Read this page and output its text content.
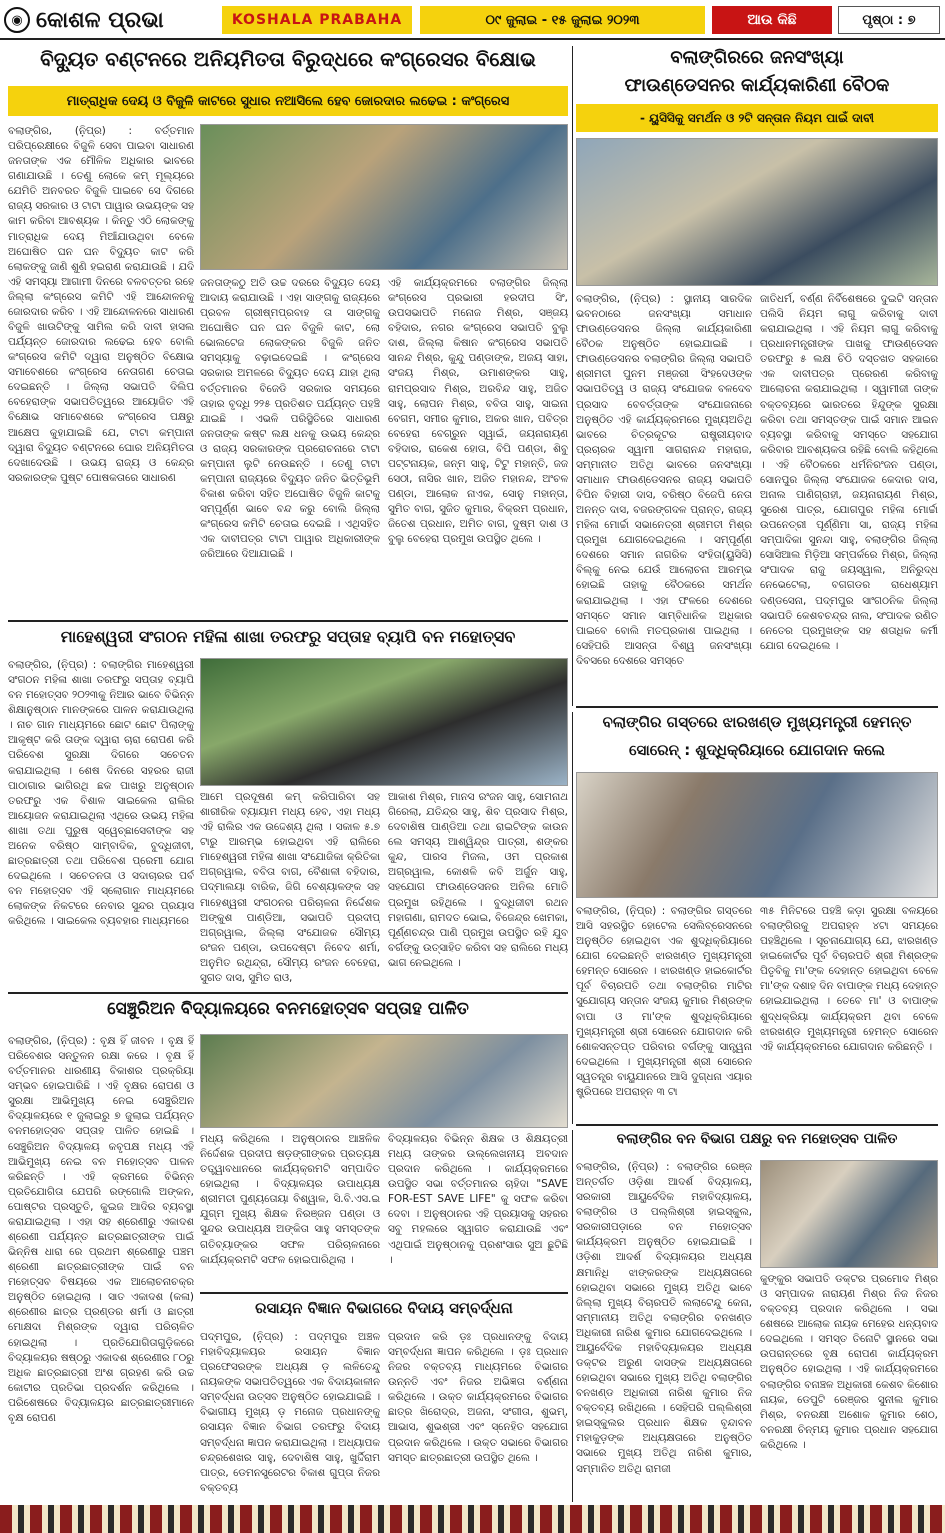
◉ କୋଶଳ ପ୍ରଭା	KOSHALA PRABAHA	୦୯ ଜୁଲାଇ - ୧୫ ଜୁଲାଇ ୨୦୨୩	ଆଉ କିଛି	ପୃଷ୍ଠା : ୭
ବିଦ୍ୟୁତ ବଣ୍ଟନରେ ଅନିୟମିତତା ବିରୁଦ୍ଧରେ କଂଗ୍ରେସର ବିକ୍ଷୋଭ
ମାତ୍ରାଧିକ ଦେୟ ଓ ବିଜୁଳି କାଟରେ ସୁଧାର ନଆସିଲେ ହେବ ଜୋରଦାର ଲଢେଇ : କଂଗ୍ରେସ
ବଲାଙ୍ଗିର, (ନି଼ପ୍ର) : ବର୍ତ୍ତମାନ ପରିପ୍ରେକ୍ଷୀରେ ବିଜୁଳି ସେବା ପାଇବା ସାଧାରଣ ଜନତାଙ୍କ ଏକ ମୌଳିକ ଅଧିକାର ଭାବରେ ଗଣାଯାଉଛି । ତେଣୁ ଲୋକେ କମ୍ ମୂଲ୍ୟରେ ଯେମିତି ଅନବରତ ବିଜୁଳି ପାଇବେ ସେ ଦିଗରେ ରାଜ୍ୟ ସରକାର ଓ ଟାଟା ପାୱାର ଉଭୟଙ୍କ ସହ କାମ କରିବା ଆବଶ୍ୟକ । କିନ୍ତୁ ଏଠି ଲୋକଙ୍କୁ ମାତ୍ରାଧିକ ଦେୟ ମିଆଁଯାଉଥିବା ବେଳେ ଅଘୋଷିତ ଘନ ଘନ ବିଦ୍ୟୁତ କାଟ କରି ଲୋକଙ୍କୁ ଜାଣି ଶୁଣି ହଇରାଣ କରାଯାଉଛି । ଯଦି ଏହି ସମସ୍ୟା ଆଗାମୀ ଦିନରେ ବଳବତ୍ତର ରହେ ଜିଲ୍ଲା କଂଗ୍ରେସ କମିଟି ଏହି ଆନ୍ଦୋଳନକୁ ଜୋରଦାର କରିବ । ଏହି ଆନ୍ଦୋଳନରେ ସାଧାରଣ ବିଜୁଳି ଖାଉଟିଙ୍କୁ ସାମିଲ କରି ଦାବୀ ହାସଲ ପର୍ଯ୍ୟନ୍ତ ଜୋରଦାର ଲଢେଇ ହେବ ବୋଲି କଂଗ୍ରେସ କମିଟି ଦ୍ୱାରା ଅନୁଷ୍ଠିତ ବିକ୍ଷୋଭ ସମାବେଶରେ କଂଗ୍ରେସ ନେତାଗଣ ଚେତାଇ ଦେଇଛନ୍ତି । ଜିଲ୍ଲା ସଭାପତି ଦିଲିପ ବେହେରାଙ୍କ ସଭାପତିତ୍ୱରେ ଆୟୋଜିତ ଏହି ବିକ୍ଷୋଭ ସମାବେଶରେ କଂଗ୍ରେସ ପକ୍ଷରୁ ଆକ୍ଷେପ କୁହାଯାଇଛି ଯେ, ଟାଟା କମ୍ପାନୀ ଦ୍ୱାରା ବିଦ୍ୟୁତ ବଣ୍ଟନରେ ଘୋର ଅନିୟମିତତା ଦେଖାଦେଉଛି । ଉଭୟ ରାଜ୍ୟ ଓ କେନ୍ଦ୍ର ସରକାରଙ୍କ ପୁଷ୍ଟ ପୋଷକତାରେ ସାଧାରଣ
ଜନତାଙ୍କଠୁ ଅତି ଉଚ୍ଚ ଦରରେ ବିଦ୍ୟୁତ ଦେୟ ଆଦାୟ କରାଯାଉଛି । ଏହା ସାଙ୍ଗକୁ ରାଜ୍ୟରେ ପ୍ରବଳ ଗ୍ରୀଷ୍ମପ୍ରବାହ ତା ସାଙ୍ଗକୁ ଅଘୋଷିତ ଘନ ଘନ ବିଜୁଳି କାଟ, ଲୋ ଭୋଲଟେଜ ଲୋକଙ୍କର ବିଜୁଳି ଜନିତ ସମସ୍ୟାକୁ ବଢ଼ାଇଦେଇଛି । କଂଗ୍ରେସ ସରକାର ଅମଳରେ ବିଦ୍ୟୁତ ଦେୟ ଯାହା ଥିଲା ବର୍ତ୍ତମାନର ବିଜେଡି ସରକାର ସମୟରେ ତାହାର ବୃଦ୍ଧି ୨୨୫ ପ୍ରତିଶତ ପର୍ଯ୍ୟନ୍ତ ପହଞ୍ଚି ଯାଇଛି । ଏଭଳି ପରିସ୍ଥିତିରେ ସାଧାରଣ ଜନତାଙ୍କ କଷ୍ଟ ଲକ୍ଷ ଧନକୁ ଉଭୟ କେନ୍ଦ୍ର ଓ ରାଜ୍ୟ ସରକାରଙ୍କ ପ୍ରରୋଚନାରେ ଟାଟା କମ୍ପାନୀ ଲୁଟି ନେଉଛନ୍ତି । ତେଣୁ ଟାଟା କମ୍ପାନୀ ରାଜ୍ୟରେ ବିଦ୍ୟୁତ ଜନିତ ଭିତ୍ତିଭୂମି ବିକାଶ କରିବା ସହିତ ଅଘୋଷିତ ବିଜୁଳି କାଟକୁ ସମ୍ପୂର୍ଣ୍ଣ ଭାବେ ବନ୍ଦ କରୁ ବୋଲି ଜିଲ୍ଲା କଂଗ୍ରେସ କମିଟି ଚେତାଇ ଦେଇଛି । ଏଥିସହିତ ଏକ ଦାବୀପତ୍ର ଟାଟା ପାୱାର ଅଧିକାରୀଙ୍କ ଜରିଆରେ ଦିଆଯାଇଛି ।
ଏହି କାର୍ଯ୍ୟକ୍ରମରେ ବଲାଙ୍ଗିର ଜିଲ୍ଲା କଂଗ୍ରେସ ପ୍ରଭାରୀ ହରଦୀପ ସିଂ, ଉପସଭାପତି ମନୋଜ ମିଶ୍ର, ସଞ୍ଜୟ ବହିଦାର, ନଗର କଂଗ୍ରେସ ସଭାପତି ବୁଲୁ ଦାଶ, ଜିଲ୍ଲା କିଷାନ କଂଗ୍ରେସ ସଭାପତି ସାନନ୍ଦ ମିଶ୍ର, କୁନ୍ଦୁ ପଣ୍ଡାଙ୍କ, ଅଜୟ ସାହା, ସଂଜୟ ମିଶ୍ର, ଉମାଶଙ୍କର ସାହୁ, ରାମପ୍ରସାଦ ମିଶ୍ର, ଅରବିନ୍ଦ ସାହୁ, ଅଜିତ ସାହୁ, ଲୋପନ ମିଶ୍ର, ବବିତା ସାହୁ, ସାଇନା ବେଗମ, ସମୀର କୁମାର, ଅକର ଖାନ, ପବିତ୍ର ବେହେରା ବେଗ୍ରୁନ ସ୍ୱାଇଁ, ଜୟନାରାୟଣ ବହିଦାର, ରାକେଶ ହୋତା, ବିପି ପଣ୍ଡା, ଶିବୁ ପଟ୍ଟନାୟକ, ଜନ୍ମ ସାହୁ, ଟିଟୁ ମହାନ୍ତି, ଜଜ ସେଠୀ, ନାସିର ଖାନ, ଅଜିତ ମହାନନ୍ଦ, ଅଂଚଳ ପଣ୍ଡା, ଆଲୋକ ନାଏକ, ସୋନୁ ମହାନ୍ତା, ସୁମିତ ବାଗ, ସୁଜିତ କୁମାର, ବିକ୍ରମ ପ୍ରଧାନ, ଜିତେଶ ପ୍ରଧାନ, ଅମିତ ବାଗ, ଦୁଷ୍ମ ଦାଶ ଓ ବୁଲୁ ବେହେରା ପ୍ରମୁଖ ଉପସ୍ଥିତ ଥିଲେ ।
ବଲାଙ୍ଗିରରେ ଜନସଂଖ୍ୟା
ଫାଉଣ୍ଡେସନର କାର୍ଯ୍ୟକାରିଣୀ ବୈଠକ
- ୟୁସିସିକୁ ସମର୍ଥନ ଓ ୨ଟି ସନ୍ତାନ ନିୟମ ପାଇଁ ଦାବୀ
ବଲାଙ୍ଗିର, (ନି଼ପ୍ର) : ସ୍ଥାନୀୟ ସାରଦିକ ଭବନଠାରେ ଜନସଂଖ୍ୟା ସମାଧାନ ଫାଉଣ୍ଡେସନର ଜିଲ୍ଲା କାର୍ଯ୍ୟକାରିଣୀ ବୈଠକ ଅନୁଷ୍ଠିତ ହୋଇଯାଇଛି । ଫାଉଣ୍ଡେସନର ବଲାଙ୍ଗିର ଜିଲ୍ଲା ସଭାପତି ଶ୍ରୀମତୀ ପୁନମ ମଞ୍ଜରୀ ସିଂହଦେଓଙ୍କ ସଭାପତିତ୍ୱ ଓ ରାଜ୍ୟ ସଂଯୋଜକ ବଳଦେବ ପ୍ରସାଦ ବେବର୍ତ୍ତାଙ୍କ ସଂଯୋଜନାରେ ଅନୁଷ୍ଠିତ ଏହି କାର୍ଯ୍ୟକ୍ରମରେ ମୁଖ୍ୟଅତିଥି ଭାବରେ ଚିତ୍ରକୂଟର ରାଷ୍ଟ୍ରୀୟବାଦ ପ୍ରଚାରକ ସ୍ୱାମୀ ସାଗରାନନ୍ଦ ମହାରାଜ, ସମ୍ମାନୀତ ଅତିଥି ଭାବରେ ଜନସଂଖ୍ୟା ସମାଧାନ ଫାଉଣ୍ଡେସନର ରାଜ୍ୟ ସଭାପତି ବିପିନ ବିହାରୀ ଦାସ, ବରିଷ୍ଠ ବିଜେପି ନେତା ଅନନ୍ତ ଦାସ, ବଜରଙ୍ଗଦଳ ପ୍ରାନ୍ତ, ରାଜ୍ୟ ମହିଳା ମୋର୍ଚ୍ଚା ସଭାନେତ୍ରୀ ଶ୍ରୀମତୀ ମିଶ୍ର ପ୍ରମୁଖ ଯୋଗଦେଇଥିଲେ । ସମ୍ପୂର୍ଣ୍ଣ ଦେଶରେ ସମାନ ନାଗରିକ ସଂହିତା(ୟୁସିସି) ବିଲ୍‌କୁ ନେଇ ଯେଉଁ ଆଲୋଚନା ଆରମ୍ଭ ହୋଇଛି ତାହାକୁ ବୈଠକରେ ସମର୍ଥନ କରାଯାଇଥିଲା । ଏହା ଫଳରେ ଦେଶରେ ସମସ୍ତେ ସମାନ ସାମ୍ବିଧାନିକ ଅଧିକାର ପାଇବେ ବୋଲି ମତପ୍ରକାଶ ପାଇଥିଲା । ସେହିପରି ଆସନ୍ତା ବିଶ୍ୱ ଜନସଂଖ୍ୟା ଦିବସରେ ଦେଶରେ ସମସ୍ତେ
ଜାତିଧର୍ମ, ବର୍ଣ୍ଣ ନିର୍ବିଶେଷରେ ଦୁଇଟି ସନ୍ତାନ ପଲିସି ନିୟମ ଲାଗୁ କରିବାକୁ ଦାବୀ କରାଯାଇଥିଲା । ଏହି ନିୟମ ଲାଗୁ କରିବାକୁ ପ୍ରଧାନମନ୍ତ୍ରୀଙ୍କ ପାଖକୁ ଫାଉଣ୍ଡେସନ ତରଫରୁ ୫ ଲକ୍ଷ ଚିଠି ଦସ୍ତଖତ ସହକାରେ ଏକ ଦାବୀପତ୍ର ପ୍ରେରଣ କରିବାକୁ ଆଲୋଚନା କରାଯାଇଥିଲା । ସ୍ୱାମୀଜୀ ତାଙ୍କ ବକ୍ତବ୍ୟରେ ଭାରତରେ ହିନ୍ଦୁଙ୍କ ସୁରକ୍ଷା କରିବା ତଥା ସମସ୍ତଙ୍କ ପାଇଁ ସମାନ ଆଇନ ବ୍ୟବସ୍ଥା କରିବାକୁ ସମସ୍ତେ ସହଯୋଗ କରିବାର ଆବଶ୍ୟକତା ରହିଛି ବୋଲି କହିଥିଲେ । ଏହି ବୈଠକରେ ଧର୍ମନିରଂଜନ ପଣ୍ଡା, ସୋନପୁର ଜିଲ୍ଲା ସଂଯୋଜକ କେଦାର ଦାସ, ଅନାଲ ପାଣିଗ୍ରାହୀ, ଜୟନାରାୟଣ ମିଶ୍ର, ସୁରେଶ ପାତ୍ର, ଯୋଗପୁର ମହିଳା ମୋର୍ଚ୍ଚା ଉପନେତ୍ରୀ ପୂର୍ଣ୍ଣିମା ସା, ରାଜ୍ୟ ମହିଳା ସମ୍ପାଦିକା ସୁନନ୍ଦା ସାହୁ, ବଲାଙ୍ଗିର ଜିଲ୍ଲା ସୋସିଆଲ ମିଡ଼ିଆ ସମ୍ପର୍କରେ ମିଶ୍ର, ଜିଲ୍ଲା ସଂପାଦକ ରାଜୁ ଜୟସ୍ୱାଲ, ଅନିରୁଦ୍ଧ ନେଭେଟେଲା, ବଗଗଡର ରାଧେଶ୍ୟାମ ଦଣ୍ଡସେନା, ପଦ୍ମପୁର ସାଂଗଠନିକ ଜିଲ୍ଲା ସଭାପତି କେଶବଚନ୍ଦ୍ର ନାଲ, ସଂପାଦକ ରଣିତ ନେତେର ପ୍ରମୁଖଙ୍କ ସହ ଶତାଧିକ କର୍ମୀ ଯୋଗ ଦେଇଥିଲେ ।
ମାହେଶ୍ୱରୀ ସଂଗଠନ ମହିଳା ଶାଖା ତରଫରୁ ସପ୍ତାହ ବ୍ୟାପି ବନ ମହୋତ୍ସବ
ବଲାଙ୍ଗିର, (ନି଼ପ୍ର) : ବଲାଙ୍ଗିର ମାହେଶ୍ୱରୀ ସଂଗଠନ ମହିଳା ଶାଖା ତରଫରୁ ସପ୍ତାହ ବ୍ୟାପି ବନ ମହୋତ୍ସବ ୨୦୨୩କୁ ନିଆର ଭାବେ ବିଭିନ୍ନ ଶିକ୍ଷାନୁଷ୍ଠାନ ମାନଙ୍କରେ ପାଳନ କରାଯାଉଥିଲା । ନାଚ ଗାନ ମାଧ୍ୟମରେ ଛୋଟ ଛୋଟ ପିଲାଙ୍କୁ ଆକୃଷ୍ଟ କରି ତାଙ୍କ ଦ୍ୱାରା ଚାରା ରୋପଣ କରି ପରିବେଶ ସୁରକ୍ଷା ଦିଗରେ ସଚେତନ କରାଯାଇଥିଲା । ଶେଷ ଦିନରେ ସହରର ରାଜୀ ପାଠାଗାର ଭାଗିରଥି ଛକ ପାଖରୁ ଅନୁଷ୍ଠାନ ତରଫରୁ ଏକ ବିଶାଳ ସାଇକେଲ ରାଲିର ଆୟୋଜନ କରାଯାଇଥିଲା ଏଥିରେ ଉଭୟ ମହିଳା ଶାଖା ତଥା ପୁରୁଷ ସ୍ୱେଚ୍ଛାସେବୀଙ୍କ ସହ ଅନେକ ବରିଷ୍ଠ ସାମ୍ବାଦିକ, ବୁଦ୍ଧିଜୀବୀ, ଛାତ୍ରଛାତ୍ରୀ ତଥା ପରିବେଶ ପ୍ରେମୀ ଯୋଗ ଦେଇଥିଲେ । ସଚେତନତା ଓ ସଦାଚାରର ପର୍ବ ବନ ମହୋତ୍ସବ ଏହି ସ୍ଲୋଗାନ ମାଧ୍ୟମରେ ଲୋକଙ୍କ ନିକଟରେ ନେବାର ସୁନ୍ଦର ପ୍ରୟାସ କରିଥିଲେ । ସାଇକେଲ ବ୍ୟବହାର ମାଧ୍ୟମରେ
ଆମେ ପ୍ରଦୂଷଣ କମ୍ କରିପାରିବା ସହ ଶାରୀରିକ ବ୍ୟାୟାମ ମଧ୍ୟ ହେବ, ଏହା ମଧ୍ୟ ଏହି ରାଲିର ଏକ ଉଦ୍ଦେଶ୍ୟ ଥିଲା । ସକାଳ ୫.୭ ଟାରୁ ଆରମ୍ଭ ହୋଇଥିବା ଏହି ରାଲିରେ ମାହେଶ୍ୱରୀ ମହିଳା ଶାଖା ସଂଯୋଜିକା କ୍ରିତିକା ଅଗ୍ରୱାଲ, ବବିତା ବାଗ, ବୈଶାଳୀ ବହିଦାର, ପଦ୍ମାଲୟା ବାରିକ, ଜିଗି ବେଶ୍ୟାଳଙ୍କ ସହ ମାହେଶ୍ୱରୀ ସଂଗଠନର ପରିଚାଳନା ନିର୍ଦ୍ଦେଶକ ଅଙ୍କୁଶ ପାଣ୍ଡିଆ, ସଭାପତି ପ୍ରଦୀପ୍ ଅଗ୍ରୱାଲ, ଜିଲ୍ଲା ସଂଯୋଜକ ସୌମ୍ୟ ରଂଜନ ପଣ୍ଡା, ଉପଦେଷ୍ଟା ନିବେଦ ଶର୍ମା, ଅନୁମିତ ରଥିନ୍ଦ୍ରା, ସୌମ୍ୟ ରଂଜନ ବେହେରା, ସୁଗତ ଦାସ, ସୁମିତ ରାଓ,
ଆକାଶ ମିଶ୍ର, ମାନସ ରଂଜନ ସାହୁ, ସୋମନାଥ ଗିରେଲା, ଯତିନ୍ଦ୍ର ସାହୁ, ଶିବ ପ୍ରସାଦ ମିଶ୍ର, ଦେବାଶିଷ ପାଣ୍ଡିଆ ତଥା ରାଇଟିଙ୍କ କାଉନ ଲେ ସମସ୍ୟ ଆଶ୍ୱିନ୍ଦ୍ର ପାତ୍ରୀ, ଶଙ୍କର କୁନ୍ଦ, ପାରସ ମିଜଲ, ଓମ ପ୍ରକାଶ ଅଗ୍ରୱାଲ, କୋଶଳି କବି ଅର୍ଜୁନ ସାହୁ, ସହଯୋଗ ଫାଉଣ୍ଡେସନର ଅନିଲ ମୋତି ପ୍ରମୁଖ ରହିଥିଲେ । ବୁଦ୍ଧିଜୀବୀ ରଥନ ମହାଗଣା, ରାମଦତ ଭୋଇ, ବିଜେନ୍ଦ୍ର ଖେମକା, ପୂର୍ଣ୍ଣଚନ୍ଦ୍ର ପାଣି ପ୍ରମୁଖ ଉପସ୍ଥିତ ରହି ଯୁବ ବର୍ଗଙ୍କୁ ଉତ୍ସାହିତ କରିବା ସହ ରାଲିରେ ମଧ୍ୟ ଭାଗ ନେଇଥିଲେ ।
ବଲାଙ୍ଗିର ଗସ୍ତରେ ଝାରଖଣ୍ଡ ମୁଖ୍ୟମନ୍ତ୍ରୀ ହେମନ୍ତ
ସୋରେନ୍ : ଶୁଦ୍ଧିକ୍ରିୟାରେ ଯୋଗଦାନ କଲେ
ବଲାଙ୍ଗିର, (ନି଼ପ୍ର) : ବଲାଙ୍ଗିର ଗସ୍ତରେ ଆସି ସହରସ୍ଥିତ ହୋଟେଲ ସେଲିବ୍ରେସନରେ ଅନୁଷ୍ଠିତ ହୋଇଥିବା ଏକ ଶୁଦ୍ଧିକ୍ରିୟାରେ ଯୋଗ ଦେଇଛନ୍ତି ଝାରଖଣ୍ଡ ମୁଖ୍ୟମନ୍ତ୍ରୀ ହେମନ୍ତ ସୋରେନ । ଝାରଖଣ୍ଡ ହାଇକୋର୍ଟର ପୂର୍ବ ବିଚାରପତି ତଥା ବଲାଙ୍ଗିର ମାଟିର ସୁଯୋଗ୍ୟ ସନ୍ତାନ ସଂଜୟ କୁମାର ମିଶ୍ରଙ୍କ ବାପା ଓ ମା'ଙ୍କ ଶୁଦ୍ଧିକ୍ରିୟାରେ ମୁଖ୍ୟମନ୍ତ୍ରୀ ଶ୍ରୀ ସୋରେନ ଯୋଗଦାନ କରି ଶୋକସନ୍ତପ୍ତ ପରିବାର ବର୍ଗଙ୍କୁ ସାନ୍ତ୍ୱନା ଦେଇଥିଲେ । ମୁଖ୍ୟମନ୍ତ୍ରୀ ଶ୍ରୀ ସୋରେନ ସ୍ୱତନ୍ତ୍ର ବାୟୁଯାନରେ ଆସି ଦୁଗ୍ଧନା ଏୟାର ଷ୍ଟ୍ରିପରେ ଅପରାହ୍ନ ୩ ଟା
୩୫ ମିନିଟରେ ପହଞ୍ଚି କଡ଼ା ସୁରକ୍ଷା ବଳୟରେ ବଲାଙ୍ଗିରକୁ ଅପରାହ୍ନ ୪ଟା ସମୟରେ ପହଞ୍ଚିଥିଲେ । ସୂଚନାଯୋଗ୍ୟ ଯେ, ଝାରଖଣ୍ଡ ହାଇକୋର୍ଟର ପୂର୍ବ ବିଚାରପତି ଶ୍ରୀ ମିଶ୍ରଙ୍କ ପିତୃବିକୁ ମା'ଙ୍କ ଦେହାନ୍ତ ହୋଇଥିବା ବେଳେ ମା'ଙ୍କ ଦଶାହ ଦିନ ବାପାଙ୍କ ମଧ୍ୟ ଦେହାନ୍ତ ହୋଇଯାଇଥିଲା । ତେବେ ମା' ଓ ବାପାଙ୍କ ଶୁଦ୍ଧକ୍ରିୟା କାର୍ଯ୍ୟକ୍ରମ ଥିବା ବେଳେ ଝାରଖଣ୍ଡ ମୁଖ୍ୟମନ୍ତ୍ରୀ ହେମନ୍ତ ସୋରେନ ଏହି କାର୍ଯ୍ୟକ୍ରମରେ ଯୋଗଦାନ କରିଛନ୍ତି ।
ସେଞ୍ଚୁରିଅନ ବିଦ୍ୟାଳୟରେ ବନମହୋତ୍ସବ ସପ୍ତାହ ପାଳିତ
ବଲାଙ୍ଗିର, (ନି଼ପ୍ର) : ବୃକ୍ଷ ହିଁ ଜୀବନ । ବୃକ୍ଷ ହିଁ ପରିବେଶର ସନ୍ତୁଳନ ରକ୍ଷା କରେ । ବୃକ୍ଷ ହିଁ ବର୍ତ୍ତମାନର ଧାରଣୀୟ ବିକାଶର ପ୍ରକ୍ରିୟା ସମ୍ଭବ ହୋଇପାରିଛି । ଏହି ବୃକ୍ଷର ରୋପଣ ଓ ସୁରକ୍ଷା ଆଭିମୁଖ୍ୟ ନେଇ ସେଞ୍ଚୁରିଅନ ବିଦ୍ୟାଳୟରେ ୧ ଜୁଲାଇରୁ ୭ ଜୁଲାଇ ପର୍ଯ୍ୟନ୍ତ ବନମହୋତ୍ସବ ସପ୍ତାହ ପାଳିତ ହୋଇଛି । ସେଞ୍ଚୁରିଅନ ବିଦ୍ୟାଳୟ କବୃପକ୍ଷ ମଧ୍ୟ ଏହି ଆଭିମୁଖ୍ୟ ନେଇ ବନ ମହୋତ୍ସବ ପାଳନ କରିଛନ୍ତି । ଏହି କ୍ରମରେ ବିଭିନ୍ନ ପ୍ରତିଯୋଗିତା ଯେପରି ରଙ୍ଗୋଲି ଅଙ୍କନ, ପୋଷ୍ଟର ପ୍ରସ୍ତୁତି, କୁଇଜ ଆଦିର ବ୍ୟବସ୍ଥା କରାଯାଇଥିଲା । ଏହା ସହ ଶ୍ରେଣୀରୁ ଏକାଦଶ ଶ୍ରେଣୀ ପର୍ଯ୍ୟନ୍ତ ଛାତ୍ରଛାତ୍ରୀଙ୍କ ପାଇଁ ଭିନ୍ନିଷ ଧାରା ରେ ପ୍ରଥମ ଶ୍ରେଣୀରୁ ପଞ୍ଚମ ଶ୍ରେଣୀ ଛାତ୍ରଛାତ୍ରୀଙ୍କ ପାଇଁ ବନ ମହୋତ୍ସବ ବିଷୟରେ ଏକ ଆଲୋଚନାଚକ୍ର ଅନୁଷ୍ଠିତ ହୋଇଥିଲା । ସାତ ଏକାଦଶ (କଳା) ଶ୍ରେଣୀର ଛାତ୍ର ପ୍ରଣ୍ଡର ଶର୍ମା ଓ ଛାତ୍ରୀ ମୋକ୍ଷଦା ମିଶ୍ରଙ୍କ ଦ୍ୱାରା ପରିଚାଳିତ ହୋଇଥିଲା । ପ୍ରତିଯୋଗିତାଗୁଡ଼ିକରେ ବିଦ୍ୟାଳୟର ଷଷ୍ଠରୁ ଏକାଦଶ ଶ୍ରେଣୀର ୮୦ରୁ ଅଧିକ ଛାତ୍ରଛାତ୍ରୀ ଅଂଶ ଗ୍ରହଣ କରି ଉଚ୍ଚ କୋଟୀର ପ୍ରତିଭା ପ୍ରଦର୍ଶନ କରିଥିଲେ । ପରିଶେଷରେ ବିଦ୍ୟାଳୟର ଛାତ୍ରଛାତ୍ରୀମାନେ ବୃକ୍ଷ ରୋପଣ
ମଧ୍ୟ କରିଥିଲେ । ଅନୁଷ୍ଠାନର ଆଞ୍ଚଳିକ ନିର୍ଦ୍ଦେଶକ ପ୍ରଦୀପ ଷଡ଼ଙ୍ଗୀଙ୍କର ପ୍ରତ୍ୟକ୍ଷ ତତ୍ତ୍ୱାବଧାନରେ କାର୍ଯ୍ୟକ୍ରମଟି ସମ୍ପାଦିତ ହୋଇଥିଲା । ବିଦ୍ୟାଳୟର ଉପାଧ୍ୟକ୍ଷ ଶ୍ରୀମତୀ ପୁଣ୍ୟତୋୟା ବିଶ୍ୱାଳ, ସି.ବି.ଏସ.ଇ ଯୁଗ୍ମ ମୁଖ୍ୟ ଶିକ୍ଷକ ନିରଞ୍ଜନ ପଣ୍ଡା ଓ ସୁନ୍ଦର ଉପାଧ୍ୟକ୍ଷ ଅଙ୍କିତା ସାହୁ ସମସ୍ତଙ୍କ ଗତିବ୍ୟାଙ୍କର ସଫଳ ପରିଚାଳନାରେ କାର୍ଯ୍ୟକ୍ରମଟି ସଫଳ ହୋଇପାରିଥିଲା ।
ବିଦ୍ୟାଳୟର ବିଭିନ୍ନ ଶିକ୍ଷକ ଓ ଶିକ୍ଷୟତ୍ରୀ ମଧ୍ୟ ତାଙ୍କର ଉଲ୍ଲେଖନୀୟ ଅବଦାନ ପ୍ରଦାନ କରିଥିଲେ । କାର୍ଯ୍ୟକ୍ରମରେ ଉପସ୍ଥିତ ସଭା ବର୍ତ୍ତମାନର ଚାହିଦା "SAVE FOR-EST SAVE LIFE" କୁ ସଫଳ କରିବା ଦେବା । ଅନୁଷ୍ଠାନର ଏହି ପ୍ରୟାସକୁ ସହରର ସବୁ ମହଲରେ ସ୍ୱାଗତ କରାଯାଉଛି ଏବଂ ଏଥିପାଇଁ ଅନୁଷ୍ଠାନକୁ ପ୍ରଶଂସାର ସୁଅ ଛୁଟିଛି ।
ବଲାଙ୍ଗିର ବନ ବିଭାଗ ପକ୍ଷରୁ ବନ ମହୋତ୍ସବ ପାଳିତ
ବଲାଙ୍ଗିର, (ନି଼ପ୍ର) : ବଲାଙ୍ଗିର ରେଞ୍ଜ ଅନ୍ତର୍ଗତ ଓଡ଼ିଶା ଆଦର୍ଶ ବିଦ୍ୟାଳୟ, ସରକାରୀ ଆୟୁର୍ବେଦିକ ମହାବିଦ୍ୟାଳୟ, ବଲାଙ୍ଗିର ଓ ପଲ୍ଲିଶ୍ରୀ ହାଇସ୍କୁଲ, ସରକାରୀପଡ଼ାରେ ବନ ମହୋତ୍ସବ କାର୍ଯ୍ୟକ୍ରମ ଅନୁଷ୍ଠିତ ହୋଇଯାଇଛି । ଓଡ଼ିଶା ଆଦର୍ଶ ବିଦ୍ୟାଳୟର ଅଧ୍ୟକ୍ଷ କ୍ଷମାନିଧି ଝାଙ୍କରଙ୍କ ଅଧ୍ୟକ୍ଷତାରେ ହୋଇଥିବା ସଭାରେ ମୁଖ୍ୟ ଅତିଥି ଭାବେ ଜିଲ୍ଲା ମୁଖ୍ୟ ବିଚାରପତି ଲଲାଟେନ୍ଦୁ କେନା, ସମ୍ମାନୀୟ ଅତିଥି ବଲାଙ୍ଗିର ବନଖଣ୍ଡ ଅଧିକାରୀ ନାରିଶ କୁମାର ଯୋଗଦେଇଥିଲେ । ଆୟୁର୍ବେଦିକ ମହାବିଦ୍ୟାଳୟର ଅଧ୍ୟକ୍ଷ ଡକ୍ଟର ଅରୁଣ ଦାସଙ୍କ ଅଧ୍ୟକ୍ଷତାରେ ହୋଇଥିବା ସଭାରେ ମୁଖ୍ୟ ଅତିଥି ବଲାଙ୍ଗିର ବନଖଣ୍ଡ ଅଧିକାରୀ ନାରିଶ କୁମାର ନିଜ ବକ୍ତବ୍ୟ ରଖିଥିଲେ । ସେହିପରି ପଲ୍ଲିଶ୍ରୀ ହାଇସ୍କୁଲର ପ୍ରଧାନ ଶିକ୍ଷକ ବୃନ୍ଦାବନ ମହାକୁଡ଼ଙ୍କ ଅଧ୍ୟକ୍ଷତାରେ ଅନୁଷ୍ଠିତ ସଭାରେ ମୁଖ୍ୟ ଅତିଥି ନାରିଶ କୁମାର, ସମ୍ମାନିତ ଅତିଥି ରାମଜୀ
କୁଙ୍କୁର ସଭାପତି ଡକ୍ଟର ପ୍ରମୋଦ ମିଶ୍ର ଓ ସମ୍ପାଦକ ନାରାୟଣ ମିଶ୍ର ନିଜ ନିଜର ବକ୍ତବ୍ୟ ପ୍ରଦାନ କରିଥିଲେ । ସଭା ଶେଷରେ ଆଲୋକ ନାୟକ ମେହେର ଧନ୍ୟବାଦ ଦେଇଥିଲେ । ସମସ୍ତ ତିନୋଟି ସ୍ଥାନରେ ସଭା ଉପରାନ୍ତରେ ବୃକ୍ଷ ରୋପଣ କାର୍ଯ୍ୟକ୍ରମ ଅନୁଷ୍ଠିତ ହୋଇଥିଲା । ଏହି କାର୍ଯ୍ୟକ୍ରମରେ ବଲାଙ୍ଗିର ବନାଞ୍ଚଳ ଅଧିକାରୀ କେଶବ କିଶୋର ନାୟକ, ଡେପୁଟି ରେଞ୍ଜର ସୁନୀଲ କୁମାର ମିଶ୍ର, ବନରକ୍ଷୀ ଅଶୋକ କୁମାର ଶେଠ, ବନରକ୍ଷୀ ଚିନ୍ମୟ କୁମାର ପ୍ରଧାନ ସହଯୋଗ କରିଥିଲେ ।
ରସାୟନ ବିଜ୍ଞାନ ବିଭାଗରେ ବିଦାୟ ସମ୍ବର୍ଦ୍ଧନା
ପଦ୍ମପୁର, (ନି଼ପ୍ର) : ପଦ୍ମପୁର ଅଞ୍ଚଳ ମହାବିଦ୍ୟାଳୟର ରସାୟନ ବିଜ୍ଞାନ ପ୍ରଫେସରଙ୍କ ଅଧ୍ୟକ୍ଷ ଡ଼ ଲଳିତେନ୍ଦୁ ନାୟକଙ୍କ ସଭାପତିତ୍ୱରେ ଏକ ବିଦାୟକାଳୀନ ସମ୍ବର୍ଦ୍ଧନା ଉତ୍ସବ ଅନୁଷ୍ଠିତ ହୋଇଯାଇଛି । ବିଭାଗୀୟ ମୁଖ୍ୟ ଡ଼ ମନୋଜ ପ୍ରଧାନଙ୍କୁ ରସାୟନ ବିଜ୍ଞାନ ବିଭାଗ ତରଫରୁ ବିଦାୟ ସମ୍ବର୍ଦ୍ଧନା ଜ୍ଞାପନ କରାଯାଇଥିଲା । ଅଧ୍ୟାପକ ଚନ୍ଦ୍ରଶେଖର ସାହୁ, ଦେବାଶିଷ ସାହୁ, ଖୁର୍ଦ୍ଦିରାମ ପାତ୍ର, ଡେମନସ୍ତ୍ରେଟର ବିକାଶ ଗୁପ୍ତା ନିଜର ବକ୍ତବ୍ୟ
ପ୍ରଦାନ କରି ଡ଼ଃ ପ୍ରଧାନଙ୍କୁ ବିଦାୟ ସମ୍ବର୍ଦ୍ଧନା ଜ୍ଞାପନ କରିଥିଲେ । ଡ଼ଃ ପ୍ରଧାନ ନିଜର ବକ୍ତବ୍ୟ ମାଧ୍ୟମରେ ବିଭାଗର ଉନ୍ନତି ଏବଂ ନିଜର ଅଭିଜ୍ଞତା ବର୍ଣ୍ଣନା କରିଥିଲେ । ଉକ୍ତ କାର୍ଯ୍ୟକ୍ରମରେ ବିଭାଗର ଛାତ୍ର ଖିରୋଦ୍ର, ଅଜନା, ସଂଗୀତା, ଶୁଭମ୍, ଆଭାସ, ଶୁଭଶ୍ରୀ ଏବଂ ସ୍ନେହିତ ସହଯୋଗ ପ୍ରଦାନ କରିଥିଲେ । ଉକ୍ତ ସଭାରେ ବିଭାଗର ସମସ୍ତ ଛାତ୍ରଛାତ୍ରୀ ଉପସ୍ଥିତ ଥିଲେ ।
